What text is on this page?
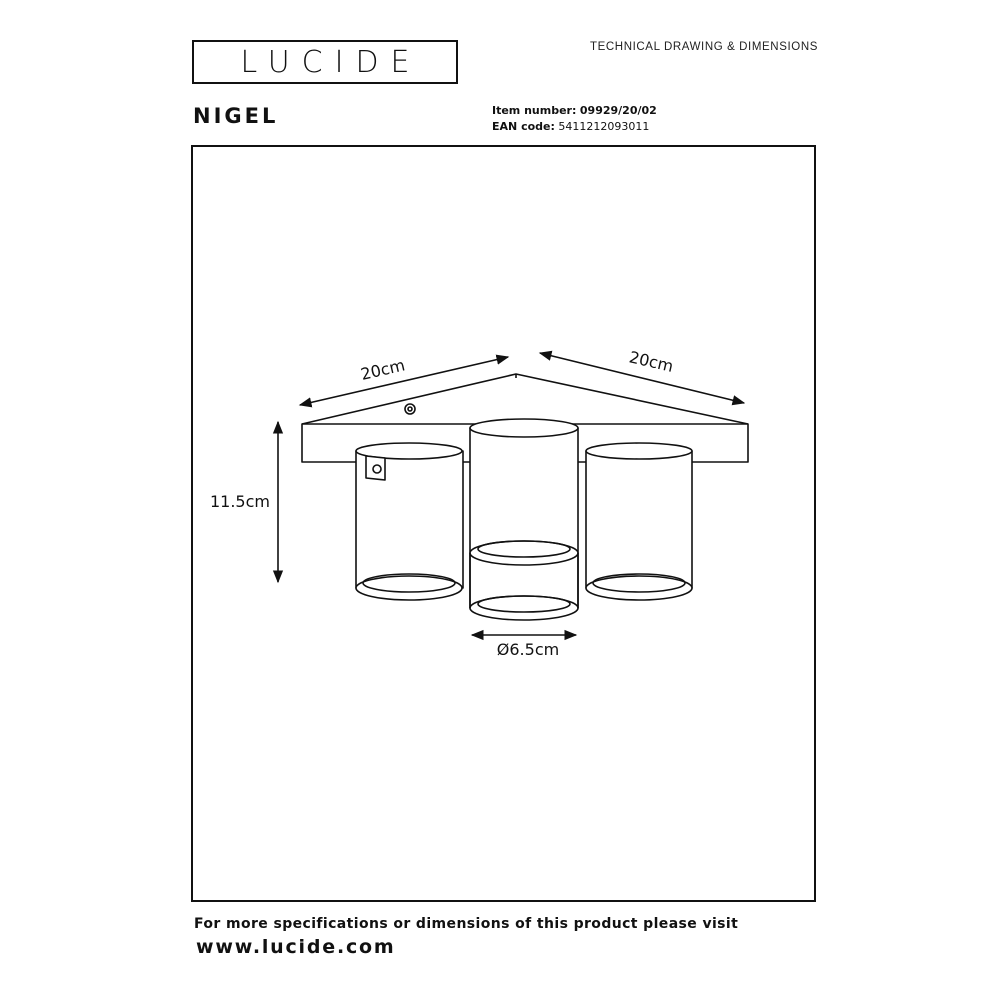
LUCIDE	TECHNICAL DRAWING & DIMENSIONS
NIGEL	Item number: 09929/20/02
EAN code: 5411212093011
20cm	20cm
11.5cm
Ø6.5cm
For more specifications or dimensions of this product please visit
www.lucide.com
